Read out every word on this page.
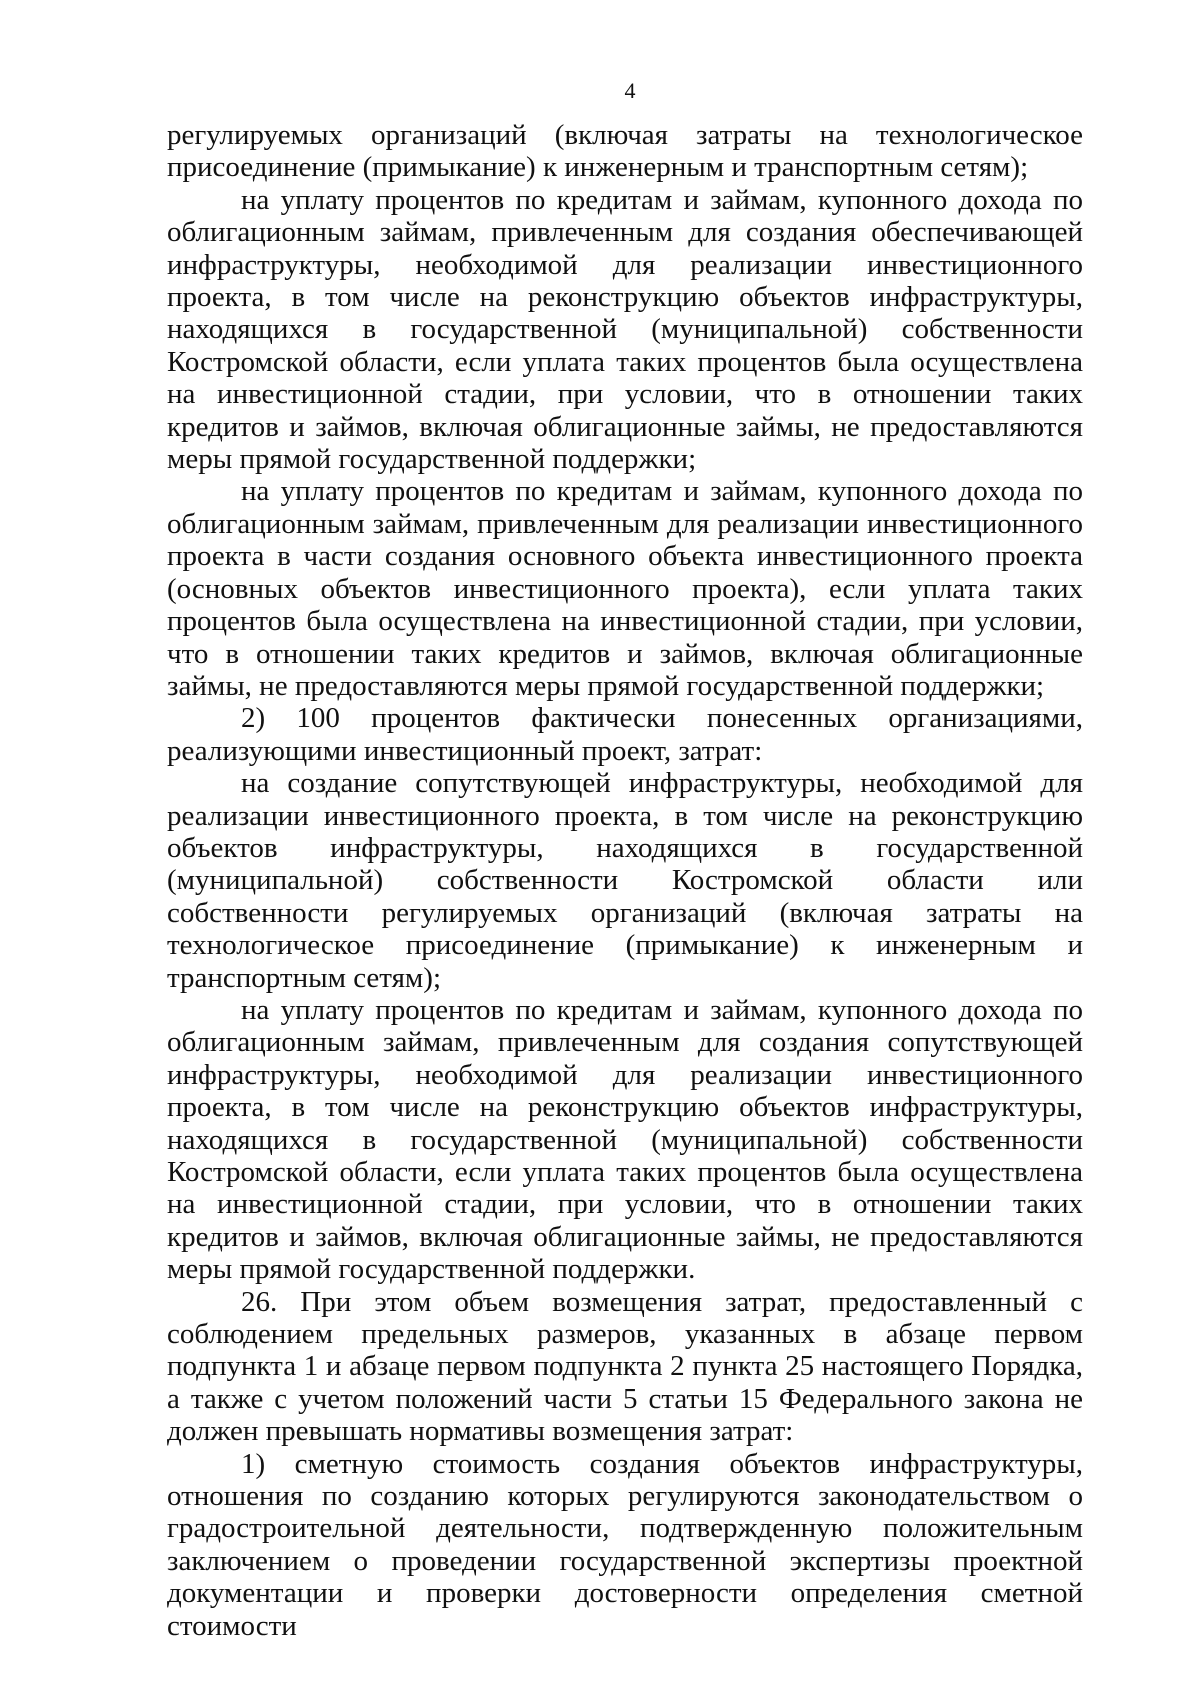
4

регулируемых организаций (включая затраты на технологическое присоединение (примыкание) к инженерным и транспортным сетям);

на уплату процентов по кредитам и займам, купонного дохода по облигационным займам, привлеченным для создания обеспечивающей инфраструктуры, необходимой для реализации инвестиционного проекта, в том числе на реконструкцию объектов инфраструктуры, находящихся в государственной (муниципальной) собственности Костромской области, если уплата таких процентов была осуществлена на инвестиционной стадии, при условии, что в отношении таких кредитов и займов, включая облигационные займы, не предоставляются меры прямой государственной поддержки;

на уплату процентов по кредитам и займам, купонного дохода по облигационным займам, привлеченным для реализации инвестиционного проекта в части создания основного объекта инвестиционного проекта (основных объектов инвестиционного проекта), если уплата таких процентов была осуществлена на инвестиционной стадии, при условии, что в отношении таких кредитов и займов, включая облигационные займы, не предоставляются меры прямой государственной поддержки;

2) 100 процентов фактически понесенных организациями, реализующими инвестиционный проект, затрат:

на создание сопутствующей инфраструктуры, необходимой для реализации инвестиционного проекта, в том числе на реконструкцию объектов инфраструктуры, находящихся в государственной (муниципальной) собственности Костромской области или собственности регулируемых организаций (включая затраты на технологическое присоединение (примыкание) к инженерным и транспортным сетям);

на уплату процентов по кредитам и займам, купонного дохода по облигационным займам, привлеченным для создания сопутствующей инфраструктуры, необходимой для реализации инвестиционного проекта, в том числе на реконструкцию объектов инфраструктуры, находящихся в государственной (муниципальной) собственности Костромской области, если уплата таких процентов была осуществлена на инвестиционной стадии, при условии, что в отношении таких кредитов и займов, включая облигационные займы, не предоставляются меры прямой государственной поддержки.

26. При этом объем возмещения затрат, предоставленный с соблюдением предельных размеров, указанных в абзаце первом подпункта 1 и абзаце первом подпункта 2 пункта 25 настоящего Порядка, а также с учетом положений части 5 статьи 15 Федерального закона не должен превышать нормативы возмещения затрат:

1) сметную стоимость создания объектов инфраструктуры, отношения по созданию которых регулируются законодательством о градостроительной деятельности, подтвержденную положительным заключением о проведении государственной экспертизы проектной документации и проверки достоверности определения сметной стоимости
